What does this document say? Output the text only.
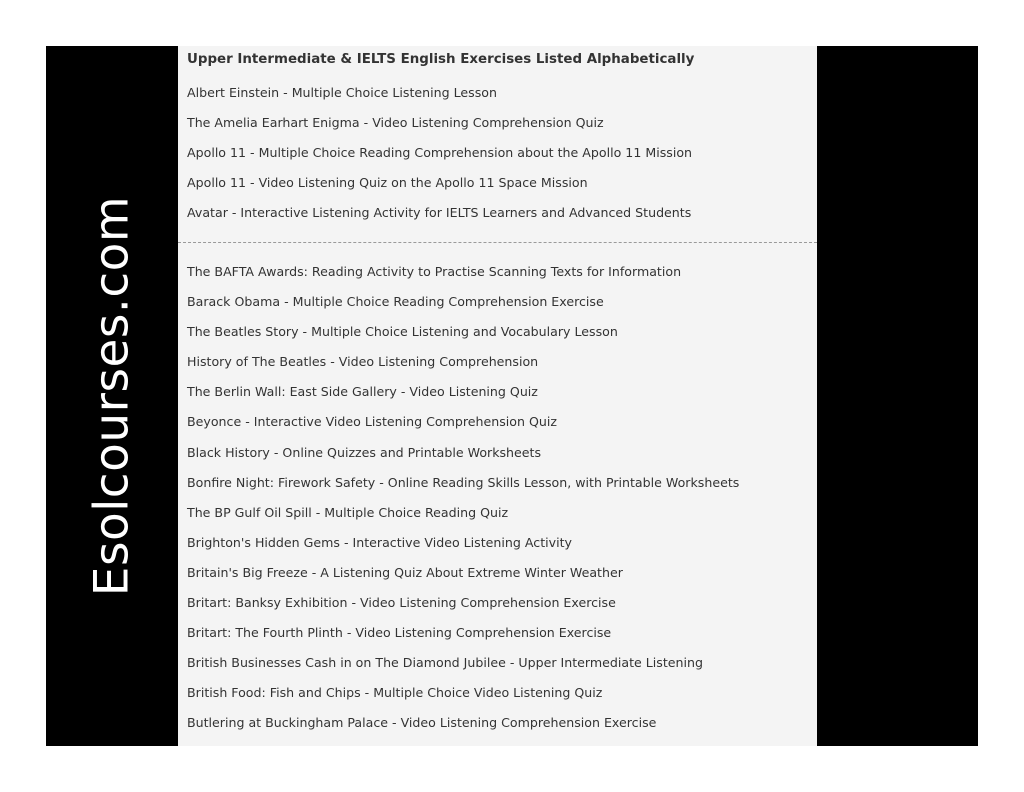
Esolcourses.com
Upper Intermediate & IELTS English Exercises Listed Alphabetically
Albert Einstein - Multiple Choice Listening Lesson
The Amelia Earhart Enigma - Video Listening Comprehension Quiz
Apollo 11 - Multiple Choice Reading Comprehension about the Apollo 11 Mission
Apollo 11 - Video Listening Quiz on the Apollo 11 Space Mission
Avatar - Interactive Listening Activity for IELTS Learners and Advanced Students
The BAFTA Awards: Reading Activity to Practise Scanning Texts for Information
Barack Obama - Multiple Choice Reading Comprehension Exercise
The Beatles Story - Multiple Choice Listening and Vocabulary Lesson
History of The Beatles - Video Listening Comprehension
The Berlin Wall: East Side Gallery - Video Listening Quiz
Beyonce - Interactive Video Listening Comprehension Quiz
Black History - Online Quizzes and Printable Worksheets
Bonfire Night: Firework Safety - Online Reading Skills Lesson, with Printable Worksheets
The BP Gulf Oil Spill - Multiple Choice Reading Quiz
Brighton's Hidden Gems - Interactive Video Listening Activity
Britain's Big Freeze - A Listening Quiz About Extreme Winter Weather
Britart: Banksy Exhibition - Video Listening Comprehension Exercise
Britart: The Fourth Plinth - Video Listening Comprehension Exercise
British Businesses Cash in on The Diamond Jubilee - Upper Intermediate Listening
British Food: Fish and Chips - Multiple Choice Video Listening Quiz
Butlering at Buckingham Palace - Video Listening Comprehension Exercise
